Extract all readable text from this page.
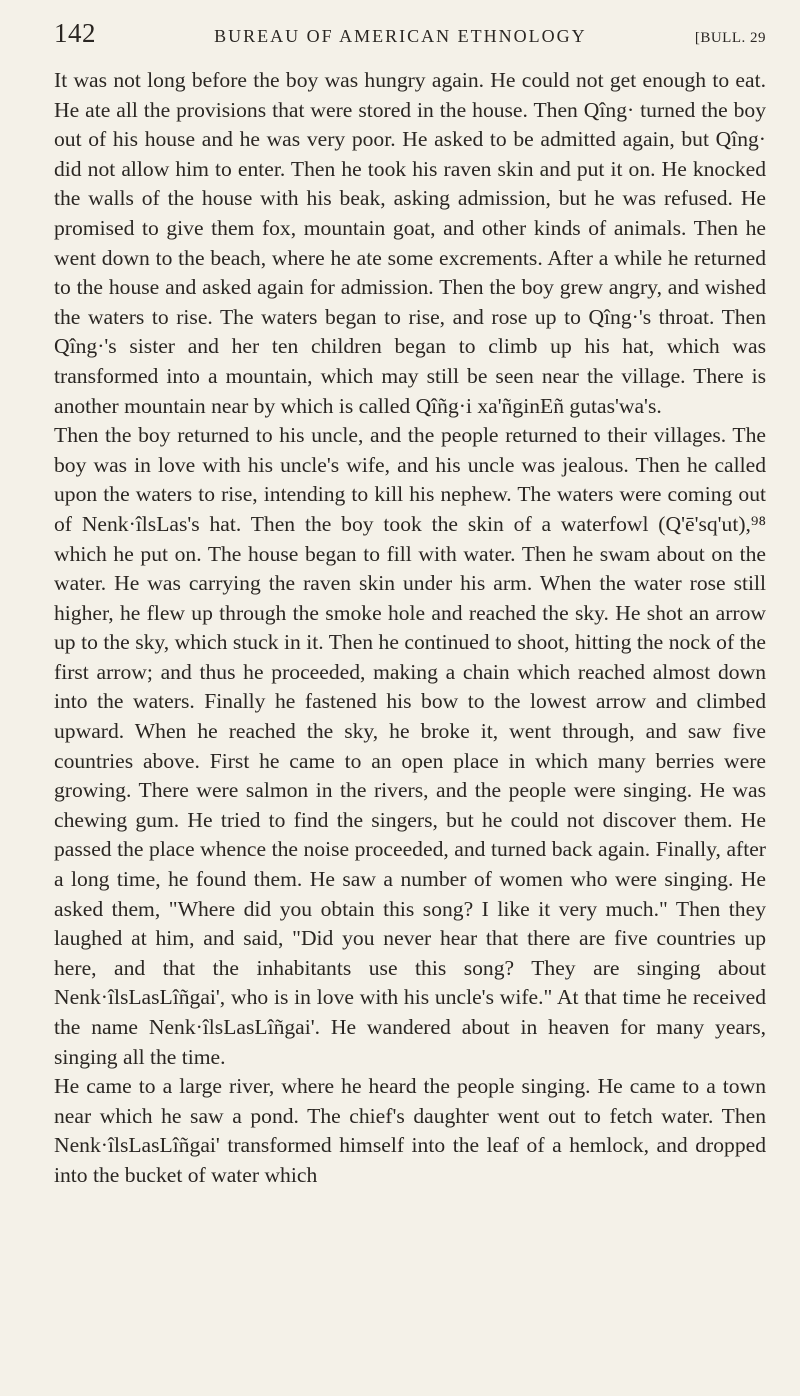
142	BUREAU OF AMERICAN ETHNOLOGY	[BULL. 29

It was not long before the boy was hungry again. He could not get enough to eat. He ate all the provisions that were stored in the house. Then Qîng· turned the boy out of his house and he was very poor. He asked to be admitted again, but Qîng· did not allow him to enter. Then he took his raven skin and put it on. He knocked the walls of the house with his beak, asking admission, but he was refused. He promised to give them fox, mountain goat, and other kinds of animals. Then he went down to the beach, where he ate some excrements. After a while he returned to the house and asked again for admission. Then the boy grew angry, and wished the waters to rise. The waters began to rise, and rose up to Qîng·'s throat. Then Qîng·'s sister and her ten children began to climb up his hat, which was transformed into a mountain, which may still be seen near the village. There is another mountain near by which is called Qîñg·i xa'ñginEñ gutas'wa's.

Then the boy returned to his uncle, and the people returned to their villages. The boy was in love with his uncle's wife, and his uncle was jealous. Then he called upon the waters to rise, intending to kill his nephew. The waters were coming out of Nenk·îlsLas's hat. Then the boy took the skin of a waterfowl (Q'ē'sq'ut),⁹⁸ which he put on. The house began to fill with water. Then he swam about on the water. He was carrying the raven skin under his arm. When the water rose still higher, he flew up through the smoke hole and reached the sky. He shot an arrow up to the sky, which stuck in it. Then he continued to shoot, hitting the nock of the first arrow; and thus he proceeded, making a chain which reached almost down into the waters. Finally he fastened his bow to the lowest arrow and climbed upward. When he reached the sky, he broke it, went through, and saw five countries above. First he came to an open place in which many berries were growing. There were salmon in the rivers, and the people were singing. He was chewing gum. He tried to find the singers, but he could not discover them. He passed the place whence the noise proceeded, and turned back again. Finally, after a long time, he found them. He saw a number of women who were singing. He asked them, "Where did you obtain this song? I like it very much." Then they laughed at him, and said, "Did you never hear that there are five countries up here, and that the inhabitants use this song? They are singing about Nenk·îlsLasLîñgai', who is in love with his uncle's wife." At that time he received the name Nenk·îlsLasLîñgai'. He wandered about in heaven for many years, singing all the time.

He came to a large river, where he heard the people singing. He came to a town near which he saw a pond. The chief's daughter went out to fetch water. Then Nenk·îlsLasLîñgai' transformed himself into the leaf of a hemlock, and dropped into the bucket of water which
